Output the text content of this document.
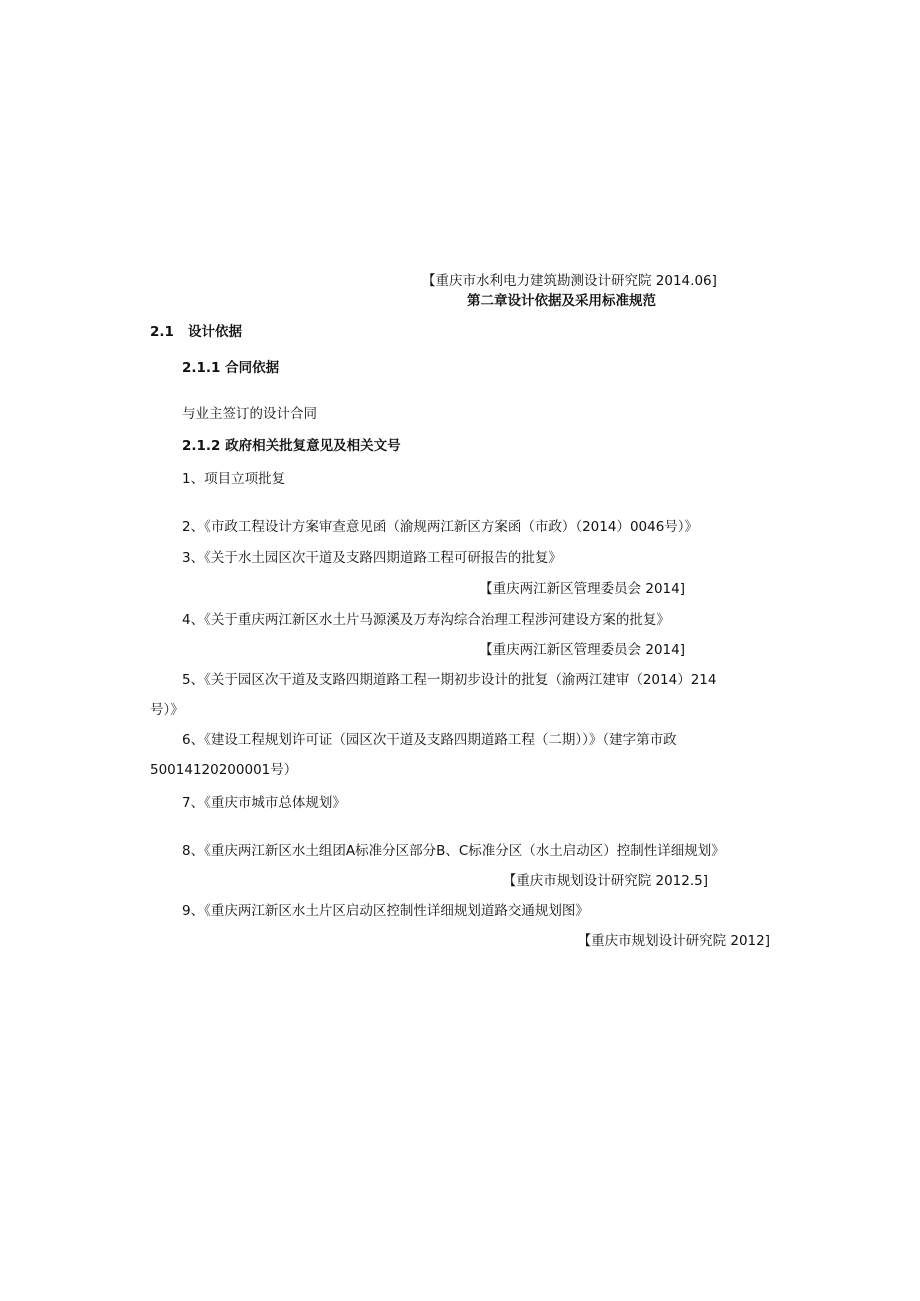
【重庆市水利电力建筑勘测设计研究院 2014.06]
第二章设计依据及采用标准规范
2.1 设计依据
2.1.1 合同依据
与业主签订的设计合同
2.1.2 政府相关批复意见及相关文号
1、项目立项批复
2、《市政工程设计方案审查意见函（渝规两江新区方案函（市政）（2014）0046号）》
3、《关于水土园区次干道及支路四期道路工程可研报告的批复》
【重庆两江新区管理委员会 2014]
4、《关于重庆两江新区水土片马源溪及万寿沟综合治理工程涉河建设方案的批复》
【重庆两江新区管理委员会 2014]
5、《关于园区次干道及支路四期道路工程一期初步设计的批复（渝两江建审（2014）214
号）》
6、《建设工程规划许可证（园区次干道及支路四期道路工程（二期））》（建字第市政
50014120200001号）
7、《重庆市城市总体规划》
8、《重庆两江新区水土组团A标准分区部分B、C标准分区（水土启动区）控制性详细规划》
【重庆市规划设计研究院 2012.5]
9、《重庆两江新区水土片区启动区控制性详细规划道路交通规划图》
【重庆市规划设计研究院 2012]
